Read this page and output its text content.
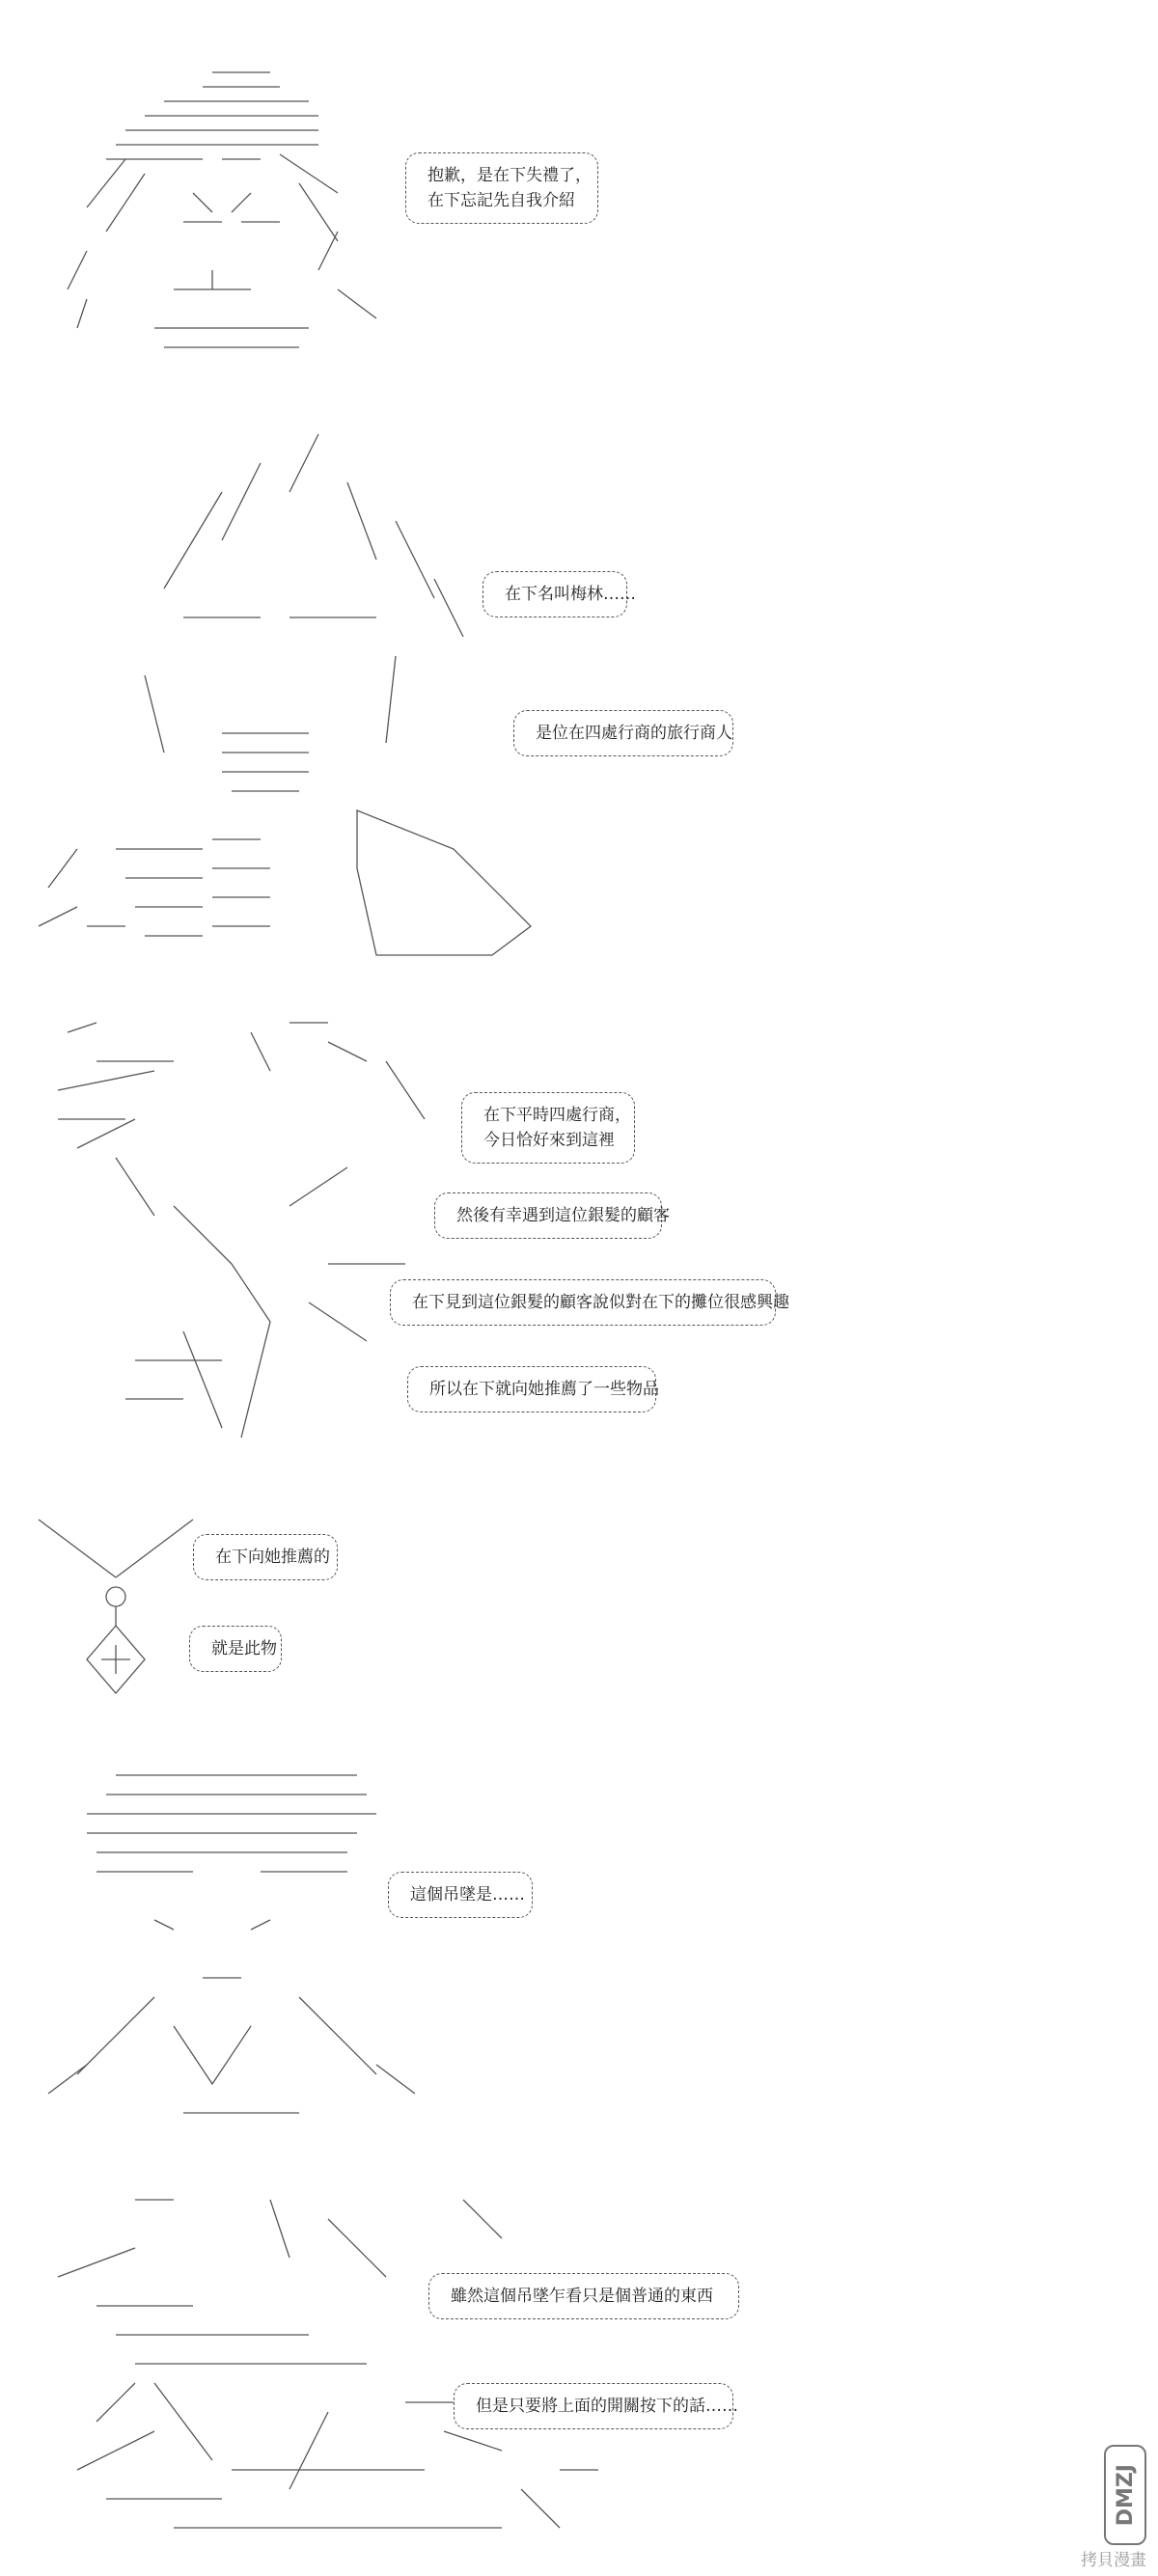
抱歉，是在下失禮了，
在下忘記先自我介紹
在下名叫梅林……
是位在四處行商的旅行商人
在下平時四處行商，
今日恰好來到這裡
然後有幸遇到這位銀髮的顧客
在下見到這位銀髮的顧客說似對在下的攤位很感興趣
所以在下就向她推薦了一些物品
在下向她推薦的
就是此物
這個吊墜是……
雖然這個吊墜乍看只是個普通的東西
但是只要將上面的開關按下的話……
DMZJ
拷貝漫畫
